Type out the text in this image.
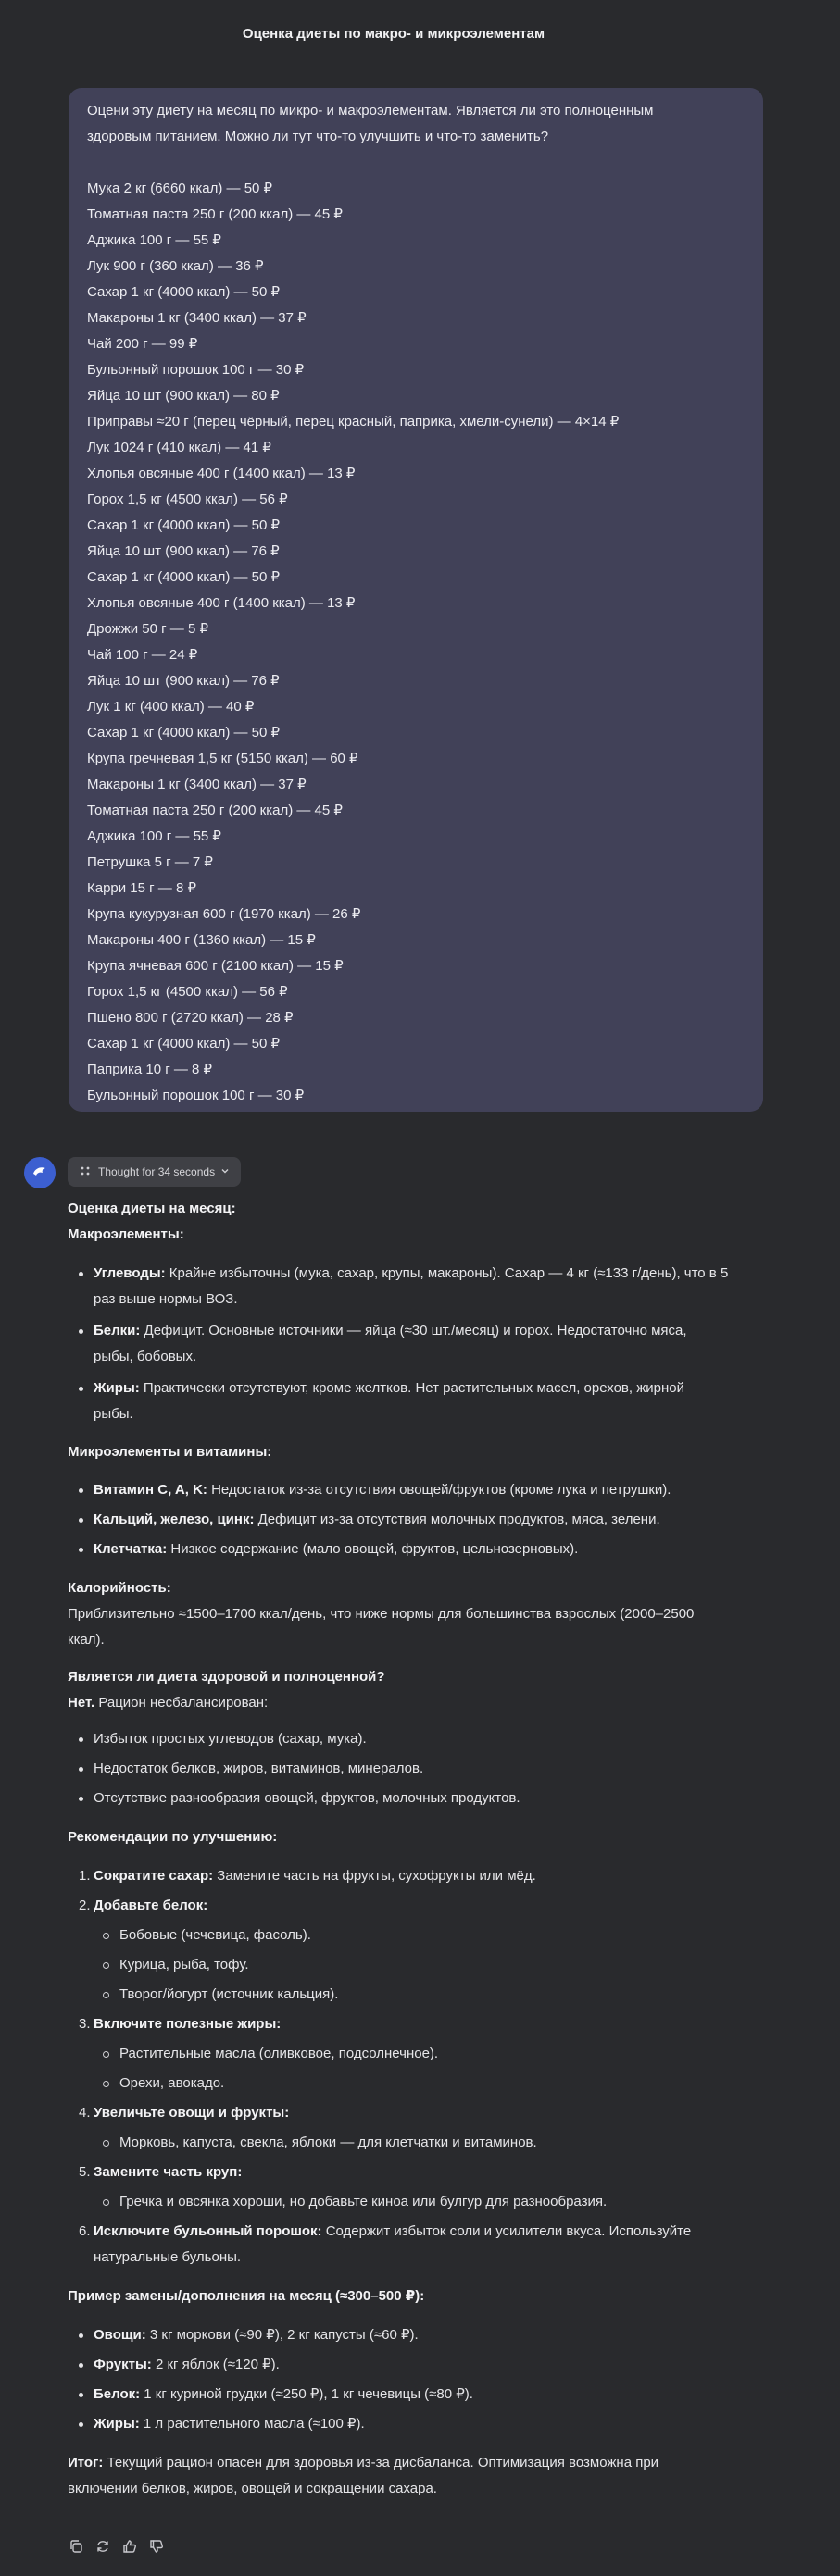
Оценка диеты по макро- и микроэлементам
Оцени эту диету на месяц по микро- и макроэлементам. Является ли это полноценным
здоровым питанием. Можно ли тут что-то улучшить и что-то заменить?
Мука 2 кг (6660 ккал) — 50 ₽
Томатная паста 250 г (200 ккал) — 45 ₽
Аджика 100 г — 55 ₽
Лук 900 г (360 ккал) — 36 ₽
Сахар 1 кг (4000 ккал) — 50 ₽
Макароны 1 кг (3400 ккал) — 37 ₽
Чай 200 г — 99 ₽
Бульонный порошок 100 г — 30 ₽
Яйца 10 шт (900 ккал) — 80 ₽
Приправы ≈20 г (перец чёрный, перец красный, паприка, хмели-сунели) — 4×14 ₽
Лук 1024 г (410 ккал) — 41 ₽
Хлопья овсяные 400 г (1400 ккал) — 13 ₽
Горох 1,5 кг (4500 ккал) — 56 ₽
Сахар 1 кг (4000 ккал) — 50 ₽
Яйца 10 шт (900 ккал) — 76 ₽
Сахар 1 кг (4000 ккал) — 50 ₽
Хлопья овсяные 400 г (1400 ккал) — 13 ₽
Дрожжи 50 г — 5 ₽
Чай 100 г — 24 ₽
Яйца 10 шт (900 ккал) — 76 ₽
Лук 1 кг (400 ккал) — 40 ₽
Сахар 1 кг (4000 ккал) — 50 ₽
Крупа гречневая 1,5 кг (5150 ккал) — 60 ₽
Макароны 1 кг (3400 ккал) — 37 ₽
Томатная паста 250 г (200 ккал) — 45 ₽
Аджика 100 г — 55 ₽
Петрушка 5 г — 7 ₽
Карри 15 г — 8 ₽
Крупа кукурузная 600 г (1970 ккал) — 26 ₽
Макароны 400 г (1360 ккал) — 15 ₽
Крупа ячневая 600 г (2100 ккал) — 15 ₽
Горох 1,5 кг (4500 ккал) — 56 ₽
Пшено 800 г (2720 ккал) — 28 ₽
Сахар 1 кг (4000 ккал) — 50 ₽
Паприка 10 г — 8 ₽
Бульонный порошок 100 г — 30 ₽
Thought for 34 seconds

Оценка диеты на месяц:

Макроэлементы:

Углеводы: Крайне избыточны (мука, сахар, крупы, макароны). Сахар — 4 кг (≈133 г/день), что в 5
раз выше нормы ВОЗ.
Белки: Дефицит. Основные источники — яйца (≈30 шт./месяц) и горох. Недостаточно мяса,
рыбы, бобовых.
Жиры: Практически отсутствуют, кроме желтков. Нет растительных масел, орехов, жирной
рыбы.

Микроэлементы и витамины:

Витамин C, A, K: Недостаток из-за отсутствия овощей/фруктов (кроме лука и петрушки).
Кальций, железо, цинк: Дефицит из-за отсутствия молочных продуктов, мяса, зелени.
Клетчатка: Низкое содержание (мало овощей, фруктов, цельнозерновых).

Калорийность:

Приблизительно ≈1500–1700 ккал/день, что ниже нормы для большинства взрослых (2000–2500
ккал).

Является ли диета здоровой и полноценной?

Нет. Рацион несбалансирован:

Избыток простых углеводов (сахар, мука).
Недостаток белков, жиров, витаминов, минералов.
Отсутствие разнообразия овощей, фруктов, молочных продуктов.

Рекомендации по улучшению:

1. Сократите сахар: Замените часть на фрукты, сухофрукты или мёд.
2. Добавьте белок:
Бобовые (чечевица, фасоль).
Курица, рыба, тофу.
Творог/йогурт (источник кальция).
3. Включите полезные жиры:
Растительные масла (оливковое, подсолнечное).
Орехи, авокадо.
4. Увеличьте овощи и фрукты:
Морковь, капуста, свекла, яблоки — для клетчатки и витаминов.
5. Замените часть круп:
Гречка и овсянка хороши, но добавьте киноа или булгур для разнообразия.
6. Исключите бульонный порошок: Содержит избыток соли и усилители вкуса. Используйте
натуральные бульоны.

Пример замены/дополнения на месяц (≈300–500 ₽):

Овощи: 3 кг моркови (≈90 ₽), 2 кг капусты (≈60 ₽).
Фрукты: 2 кг яблок (≈120 ₽).
Белок: 1 кг куриной грудки (≈250 ₽), 1 кг чечевицы (≈80 ₽).
Жиры: 1 л растительного масла (≈100 ₽).

Итог: Текущий рацион опасен для здоровья из-за дисбаланса. Оптимизация возможна при
включении белков, жиров, овощей и сокращении сахара.
